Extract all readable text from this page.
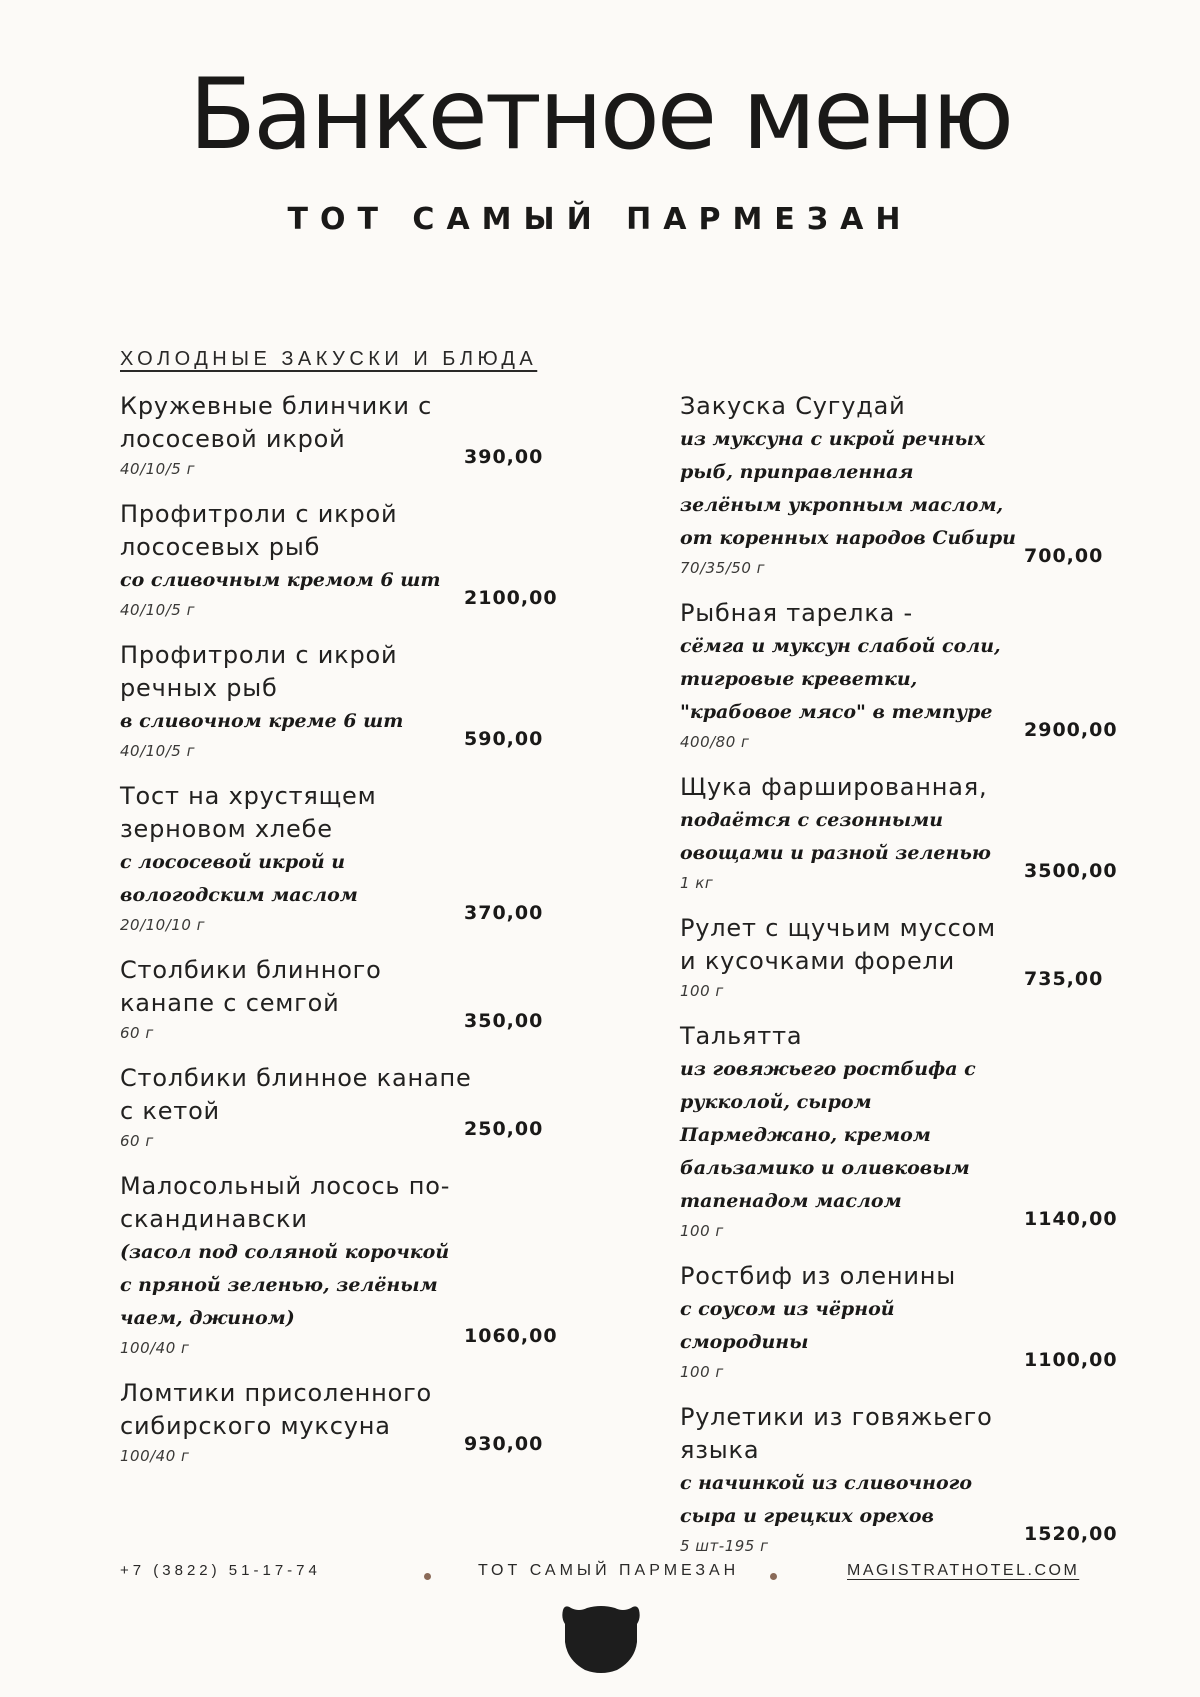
Банкетное меню
ТОТ САМЫЙ ПАРМЕЗАН
ХОЛОДНЫЕ ЗАКУСКИ И БЛЮДА
Кружевные блинчики с лососевой икрой
40/10/5 г
390,00
Профитроли с икрой лососевых рыб
со сливочным кремом 6 шт
40/10/5 г
2100,00
Профитроли с икрой речных рыб
в сливочном креме 6 шт
40/10/5 г
590,00
Тост на хрустящем зерновом хлебе
с лососевой икрой и вологодским маслом
20/10/10 г
370,00
Столбики блинного канапе с семгой
60 г
350,00
Столбики блинное канапе с кетой
60 г
250,00
Малосольный лосось по-скандинавски
(засол под соляной корочкой с пряной зеленью, зелёным чаем, джином)
100/40 г
1060,00
Ломтики присоленного сибирского муксуна
100/40 г
930,00
Закуска Сугудай
из муксуна с икрой речных рыб, приправленная зелёным укропным маслом, от коренных народов Сибири
70/35/50 г
700,00
Рыбная тарелка -
сёмга и муксун слабой соли, тигровые креветки, "крабовое мясо" в темпуре
400/80 г
2900,00
Щука фаршированная,
подаётся с сезонными овощами и разной зеленью
1 кг
3500,00
Рулет с щучьим муссом и кусочками форели
100 г
735,00
Тальятта
из говяжьего ростбифа с рукколой, сыром Пармеджано, кремом бальзамико и оливковым тапенадом маслом
100 г
1140,00
Ростбиф из оленины
с соусом из чёрной смородины
100 г
1100,00
Рулетики из говяжьего языка
с начинкой из сливочного сыра и грецких орехов
5 шт-195 г
1520,00
+7 (3822) 51-17-74	ТОТ САМЫЙ ПАРМЕЗАН	MAGISTRATHOTEL.COM
